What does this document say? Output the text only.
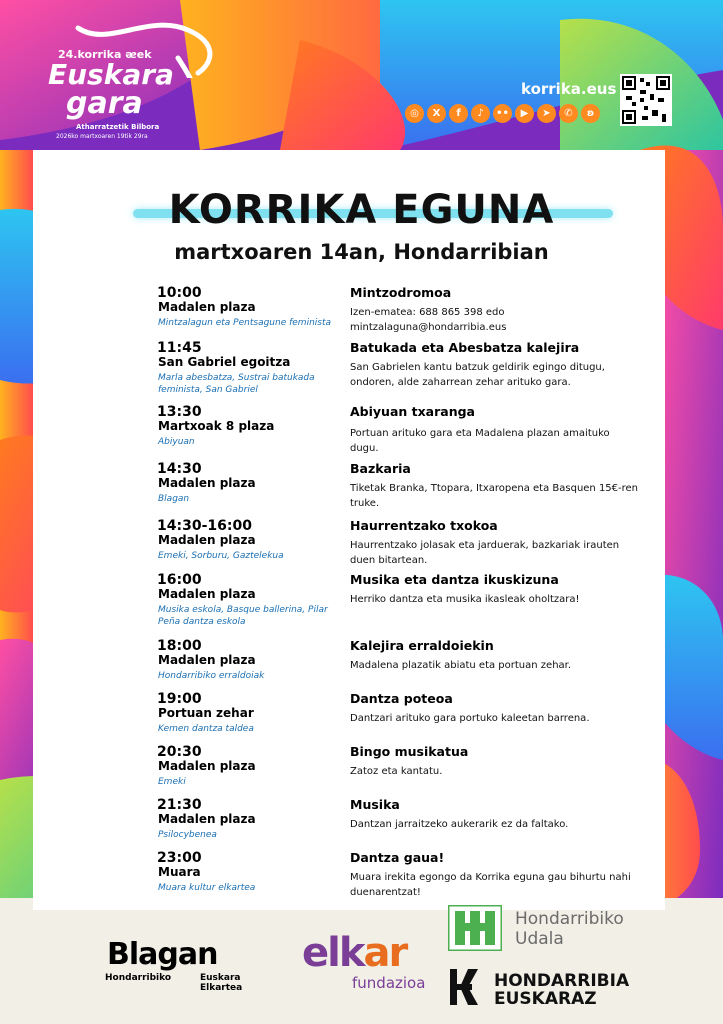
24.korrika ᴂek
Euskara
gara
Atharratzetik Bilbora
2026ko martxoaren 19tik 29ra
korrika.eus
◎	X	f	♪	••	▶	➤	✆	ʚ
KORRIKA EGUNA
martxoaren 14an, Hondarribian
10:00
Madalen plaza
Mintzalagun eta Pentsagune feminista
Mintzodromoa
Izen-ematea: 688 865 398 edo mintzalaguna@hondarribia.eus
11:45
San Gabriel egoitza
Marla abesbatza, Sustrai batukada feminista, San Gabriel
Batukada eta Abesbatza kalejira
San Gabrielen kantu batzuk geldirik egingo ditugu, ondoren, alde zaharrean zehar arituko gara.
13:30
Martxoak 8 plaza
Abiyuan
Abiyuan txaranga
Portuan arituko gara eta Madalena plazan amaituko dugu.
14:30
Madalen plaza
Blagan
Bazkaria
Tiketak Branka, Ttopara, Itxaropena eta Basquen 15€-ren truke.
14:30-16:00
Madalen plaza
Emeki, Sorburu, Gaztelekua
Haurrentzako txokoa
Haurrentzako jolasak eta jarduerak, bazkariak irauten duen bitartean.
16:00
Madalen plaza
Musika eskola, Basque ballerina, Pilar Peña dantza eskola
Musika eta dantza ikuskizuna
Herriko dantza eta musika ikasleak oholtzara!
18:00
Madalen plaza
Hondarribiko erraldoiak
Kalejira erraldoiekin
Madalena plazatik abiatu eta portuan zehar.
19:00
Portuan zehar
Kemen dantza taldea
Dantza poteoa
Dantzari arituko gara portuko kaleetan barrena.
20:30
Madalen plaza
Emeki
Bingo musikatua
Zatoz eta kantatu.
21:30
Madalen plaza
Psilocybenea
Musika
Dantzan jarraitzeko aukerarik ez da faltako.
23:00
Muara
Muara kultur elkartea
Dantza gaua!
Muara irekita egongo da Korrika eguna gau bihurtu nahi duenarentzat!
Blagan
Hondarribiko	Euskara Elkartea
elkar
fundazioa
Hondarribiko
Udala
HONDARRIBIA
EUSKARAZ
